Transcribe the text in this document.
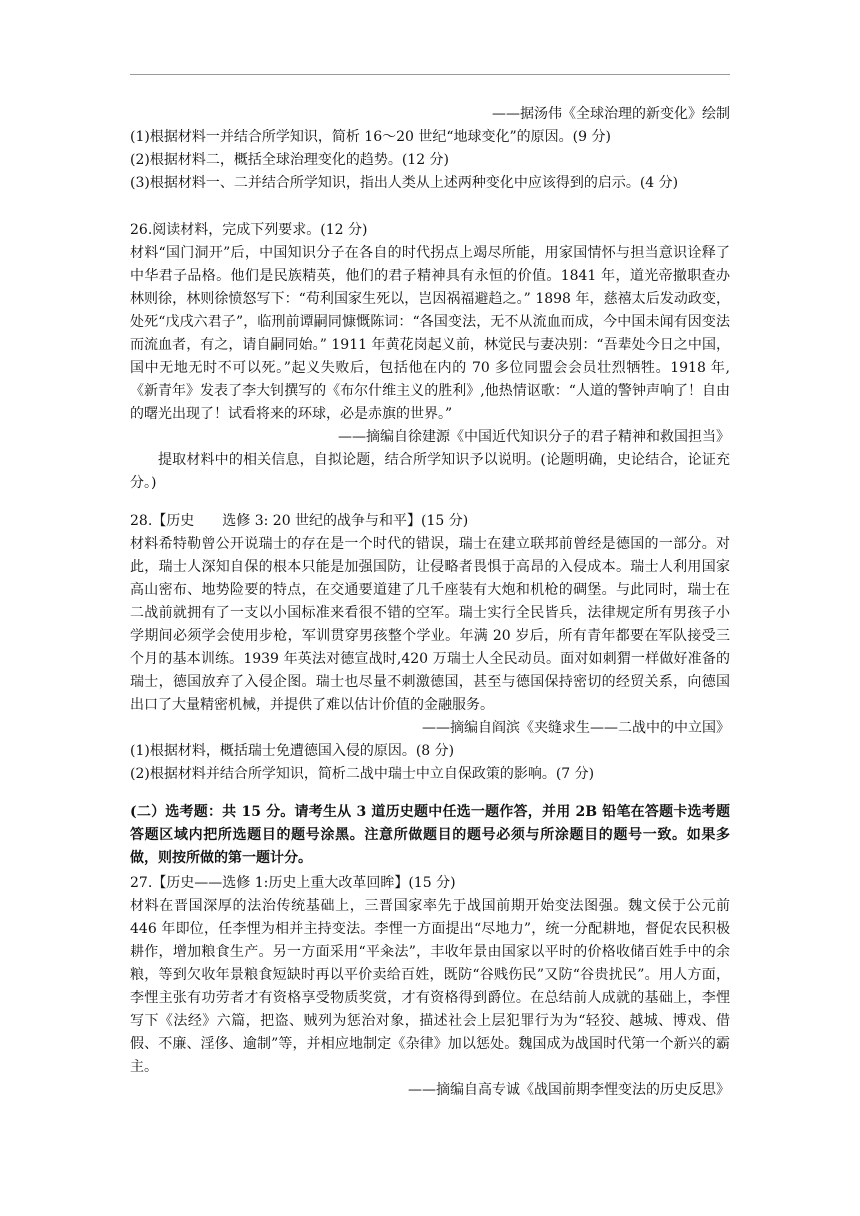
——据汤伟《全球治理的新变化》绘制

(1)根据材料一并结合所学知识，简析 16～20 世纪“地球变化”的原因。(9 分)

(2)根据材料二，概括全球治理变化的趋势。(12 分)

(3)根据材料一、二并结合所学知识，指出人类从上述两种变化中应该得到的启示。(4 分)

26.阅读材料，完成下列要求。(12 分)

材料“国门洞开”后，中国知识分子在各自的时代拐点上竭尽所能，用家国情怀与担当意识诠释了中华君子品格。他们是民族精英，他们的君子精神具有永恒的价值。1841 年，道光帝撤职查办林则徐，林则徐愤怒写下：“苟利国家生死以，岂因祸福避趋之。” 1898 年，慈禧太后发动政变，处死“戊戌六君子”，临刑前谭嗣同慷慨陈词：“各国变法，无不从流血而成，今中国未闻有因变法而流血者，有之，请自嗣同始。” 1911 年黄花岗起义前，林觉民与妻决别：“吾辈处今日之中国，国中无地无时不可以死。”起义失败后，包括他在内的 70 多位同盟会会员壮烈牺牲。1918 年,《新青年》发表了李大钊撰写的《布尔什维主义的胜利》,他热情讴歌：“人道的警钟声响了！自由的曙光出现了！试看将来的环球，必是赤旗的世界。”

——摘编自徐建源《中国近代知识分子的君子精神和救国担当》

提取材料中的相关信息，自拟论题，结合所学知识予以说明。(论题明确，史论结合，论证充分。)

28.【历史　　选修 3: 20 世纪的战争与和平】(15 分)

材料希特勒曾公开说瑞士的存在是一个时代的错误，瑞士在建立联邦前曾经是德国的一部分。对此，瑞士人深知自保的根本只能是加强国防，让侵略者畏惧于高昂的入侵成本。瑞士人利用国家高山密布、地势险要的特点，在交通要道建了几千座装有大炮和机枪的碉堡。与此同时，瑞士在二战前就拥有了一支以小国标准来看很不错的空军。瑞士实行全民皆兵，法律规定所有男孩子小学期间必须学会使用步枪，军训贯穿男孩整个学业。年满 20 岁后，所有青年都要在军队接受三个月的基本训练。1939 年英法对德宣战时,420 万瑞士人全民动员。面对如刺猬一样做好准备的瑞士，德国放弃了入侵企图。瑞士也尽量不刺激德国，甚至与德国保持密切的经贸关系，向德国出口了大量精密机械，并提供了难以估计价值的金融服务。

——摘编自阎滨《夹缝求生——二战中的中立国》

(1)根据材料，概括瑞士免遭德国入侵的原因。(8 分)

(2)根据材料并结合所学知识，简析二战中瑞士中立自保政策的影响。(7 分)

(二）选考题：共 15 分。请考生从 3 道历史题中任选一题作答，并用 2B 铅笔在答题卡选考题答题区域内把所选题目的题号涂黑。注意所做题目的题号必须与所涂题目的题号一致。如果多做，则按所做的第一题计分。

27.【历史——选修 1:历史上重大改革回眸】(15 分)

材料在晋国深厚的法治传统基础上，三晋国家率先于战国前期开始变法图强。魏文侯于公元前 446 年即位，任李悝为相并主持变法。李悝一方面提出“尽地力”，统一分配耕地，督促农民积极耕作，增加粮食生产。另一方面采用“平籴法”，丰收年景由国家以平时的价格收储百姓手中的余粮，等到欠收年景粮食短缺时再以平价卖给百姓，既防“谷贱伤民”又防“谷贵扰民”。用人方面，李悝主张有功劳者才有资格享受物质奖赏，才有资格得到爵位。在总结前人成就的基础上，李悝写下《法经》六篇，把盗、贼列为惩治对象，描述社会上层犯罪行为为“轻狡、越城、博戏、借假、不廉、淫侈、逾制”等，并相应地制定《杂律》加以惩处。魏国成为战国时代第一个新兴的霸主。

——摘编自高专诚《战国前期李悝变法的历史反思》
